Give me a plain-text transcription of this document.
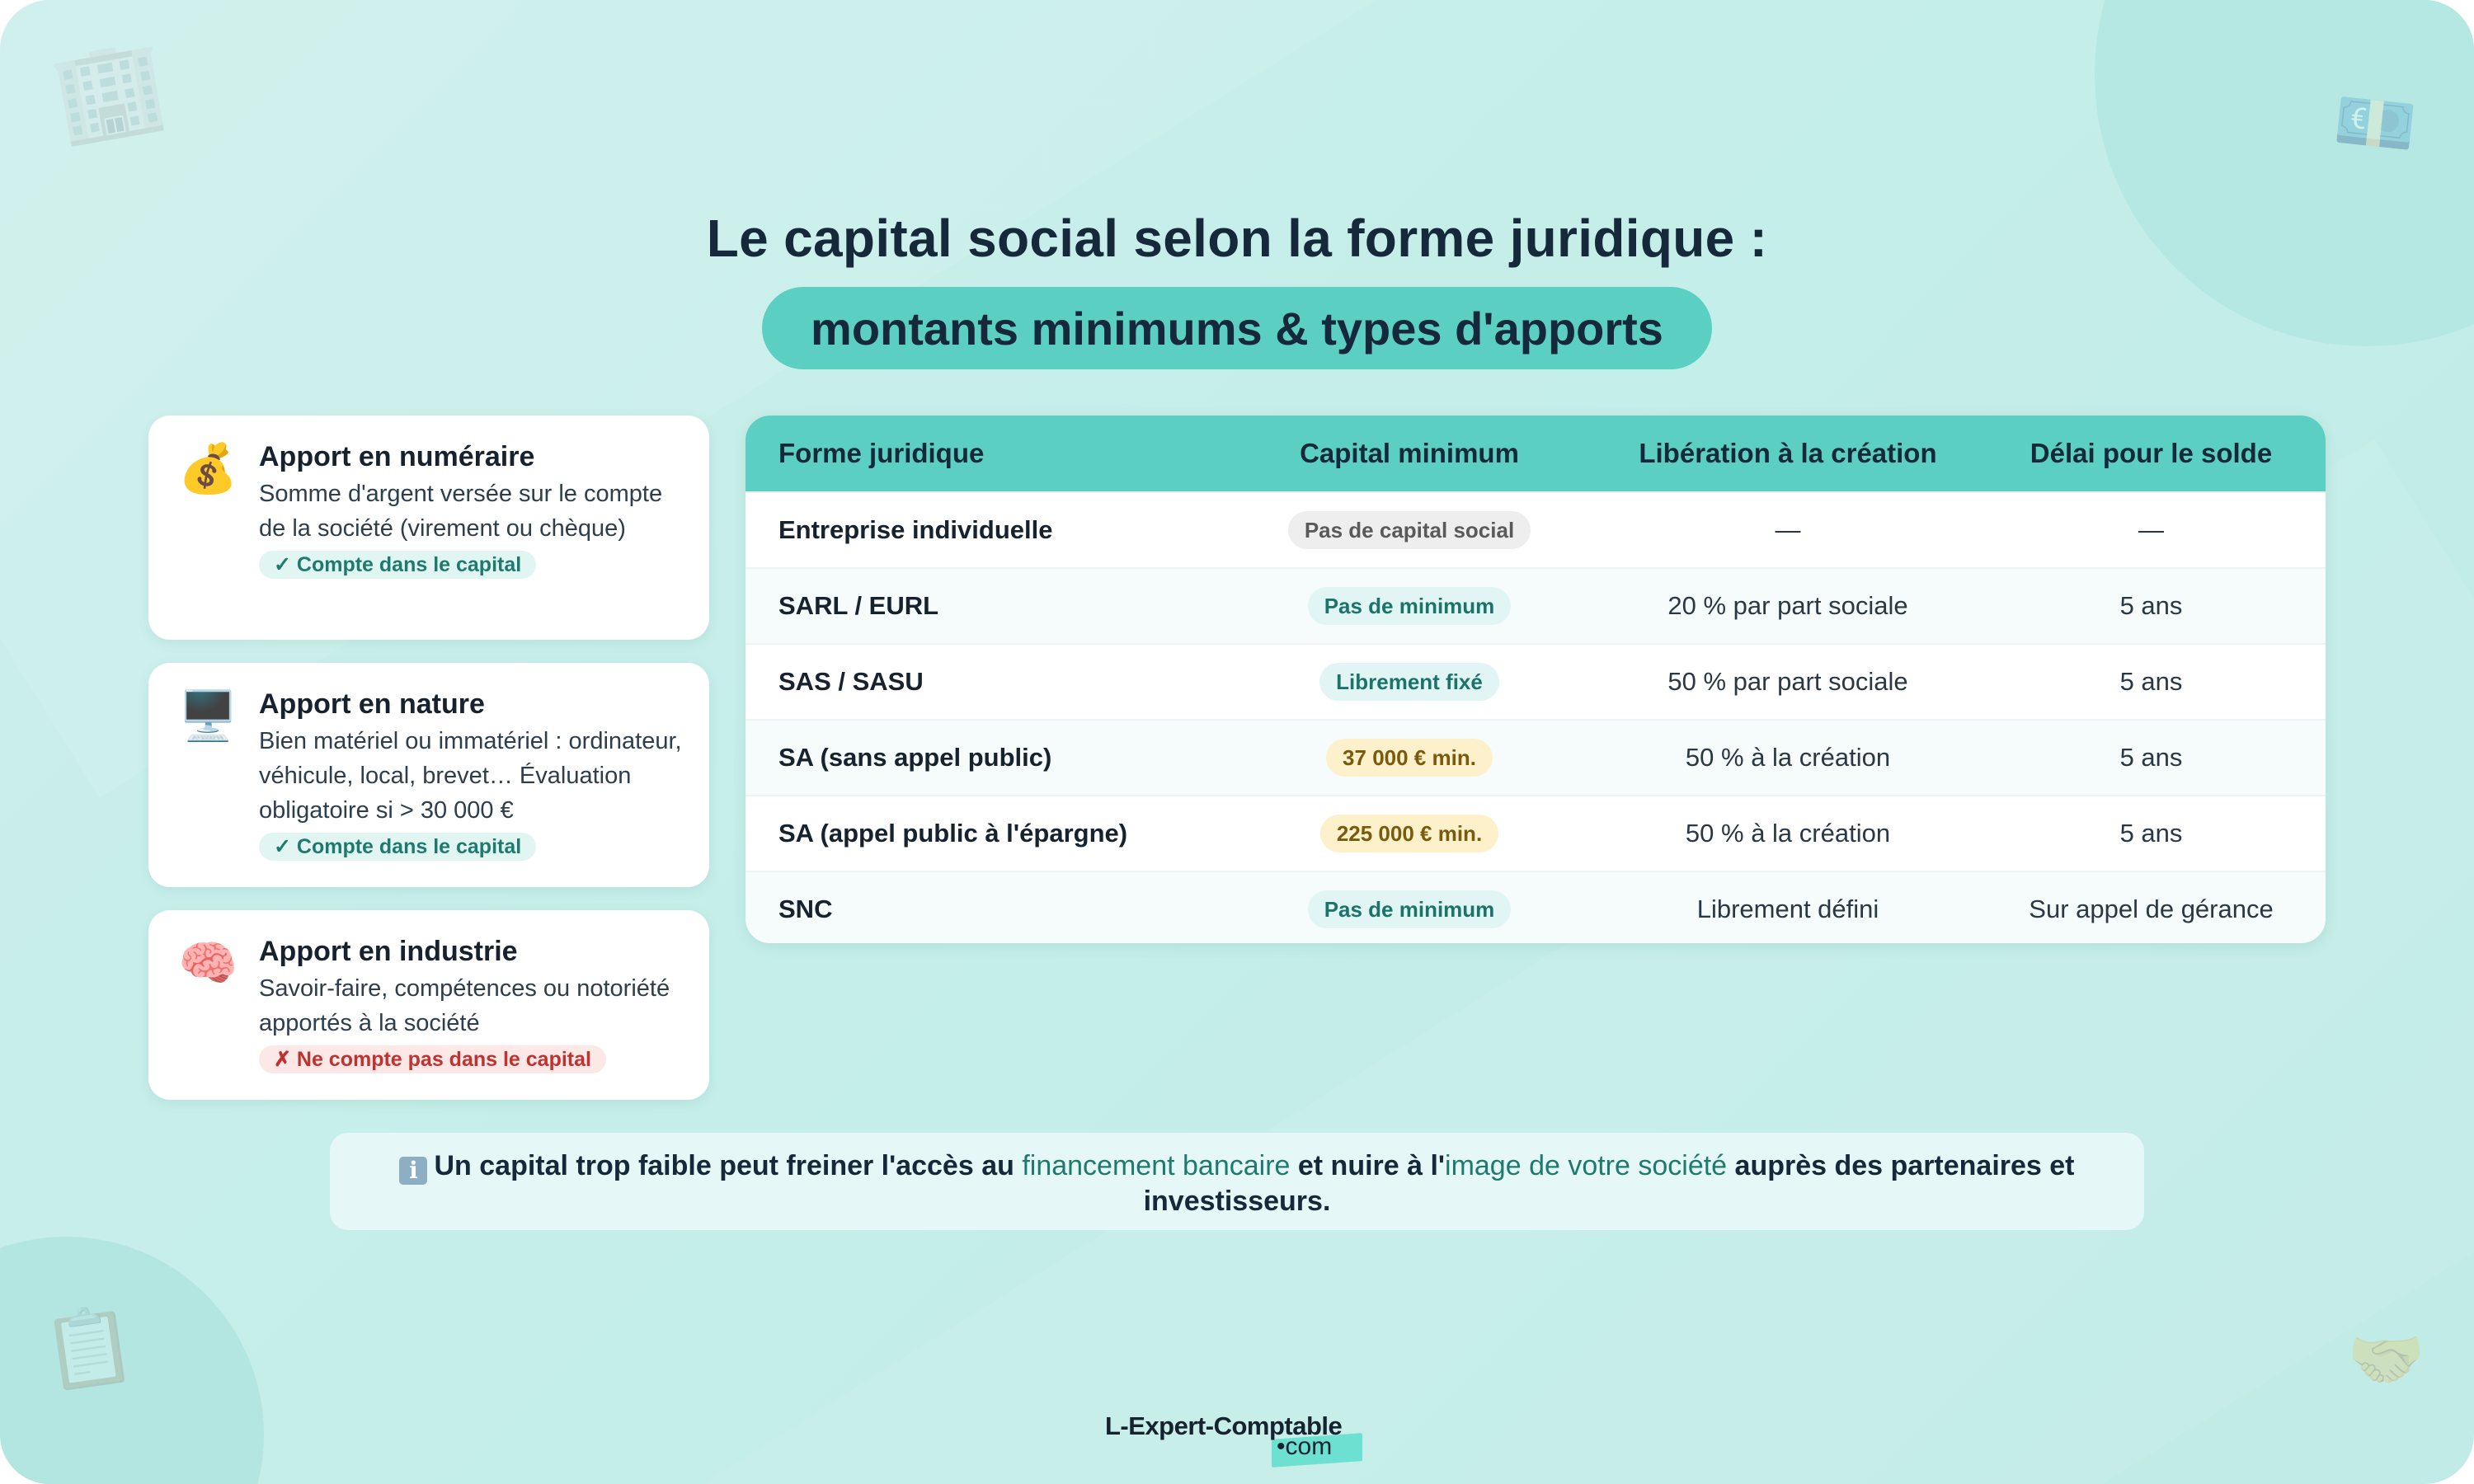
🏢	💶
📋	🤝
Le capital social selon la forme juridique :
montants minimums & types d'apports
💰 Apport en numéraire
Somme d'argent versée sur le compte de la société (virement ou chèque)
✓ Compte dans le capital
🖥️ Apport en nature
Bien matériel ou immatériel : ordinateur, véhicule, local, brevet… Évaluation obligatoire si > 30 000 €
✓ Compte dans le capital
🧠 Apport en industrie
Savoir-faire, compétences ou notoriété apportés à la société
✗ Ne compte pas dans le capital
Forme juridique	Capital minimum	Libération à la création	Délai pour le solde
Entreprise individuelle	Pas de capital social	—	—
SARL / EURL	Pas de minimum	20 % par part sociale	5 ans
SAS / SASU	Librement fixé	50 % par part sociale	5 ans
SA (sans appel public)	37 000 € min.	50 % à la création	5 ans
SA (appel public à l'épargne)	225 000 € min.	50 % à la création	5 ans
SNC	Pas de minimum	Librement défini	Sur appel de gérance
i Un capital trop faible peut freiner l'accès au financement bancaire et nuire à l'image de votre société auprès des partenaires et investisseurs.
L-Expert-Comptable
•com
